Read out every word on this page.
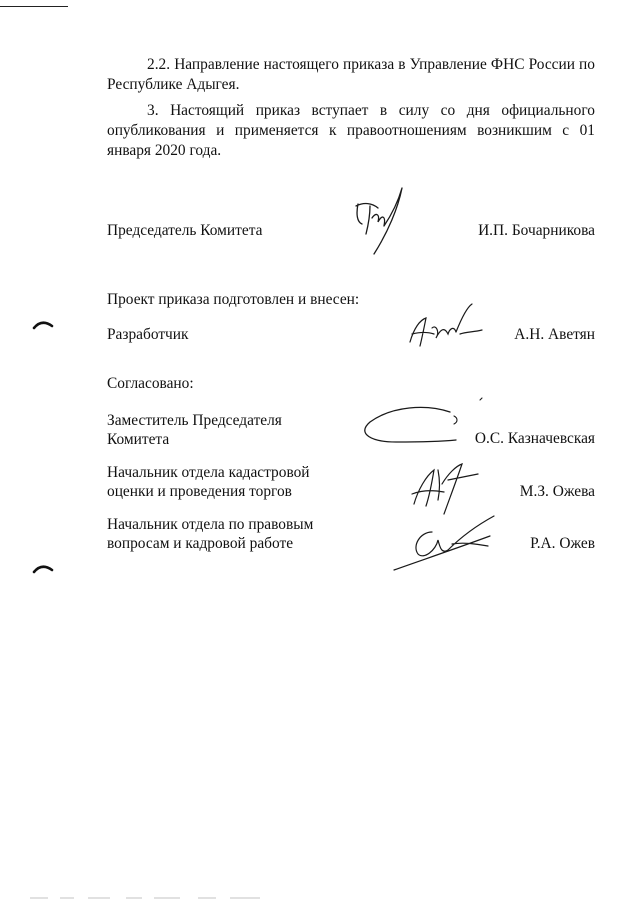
2.2. Направление настоящего приказа в Управление ФНС России по Республике Адыгея.

3. Настоящий приказ вступает в силу со дня официального опубликования и применяется к правоотношениям возникшим с 01 января 2020 года.

Председатель Комитета	И.П. Бочарникова
Проект приказа подготовлен и внесен:
Разработчик	А.Н. Аветян
Согласовано:
Заместитель Председателя
Комитета	О.С. Казначевская
Начальник отдела кадастровой
оценки и проведения торгов	М.З. Ожева
Начальник отдела по правовым
вопросам и кадровой работе	Р.А. Ожев
